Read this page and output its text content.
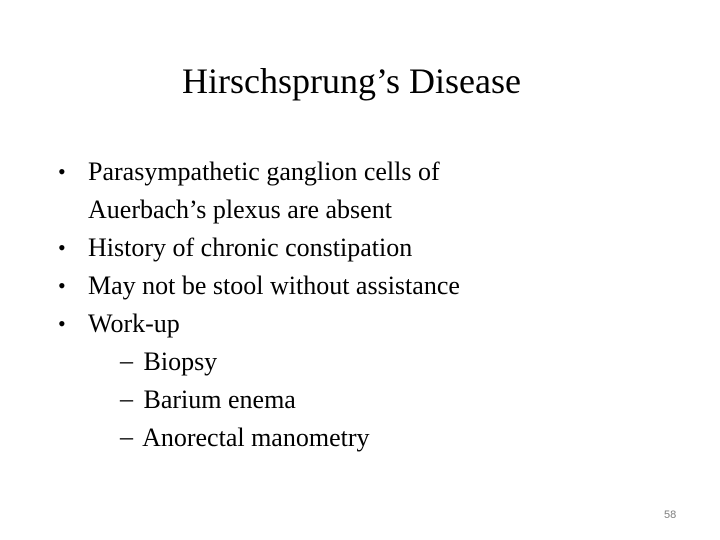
Hirschsprung’s Disease
• Parasympathetic ganglion cells of Auerbach’s plexus are absent
• History of chronic constipation
• May not be stool without assistance
• Work-up
– Biopsy
– Barium enema
– Anorectal manometry
58
